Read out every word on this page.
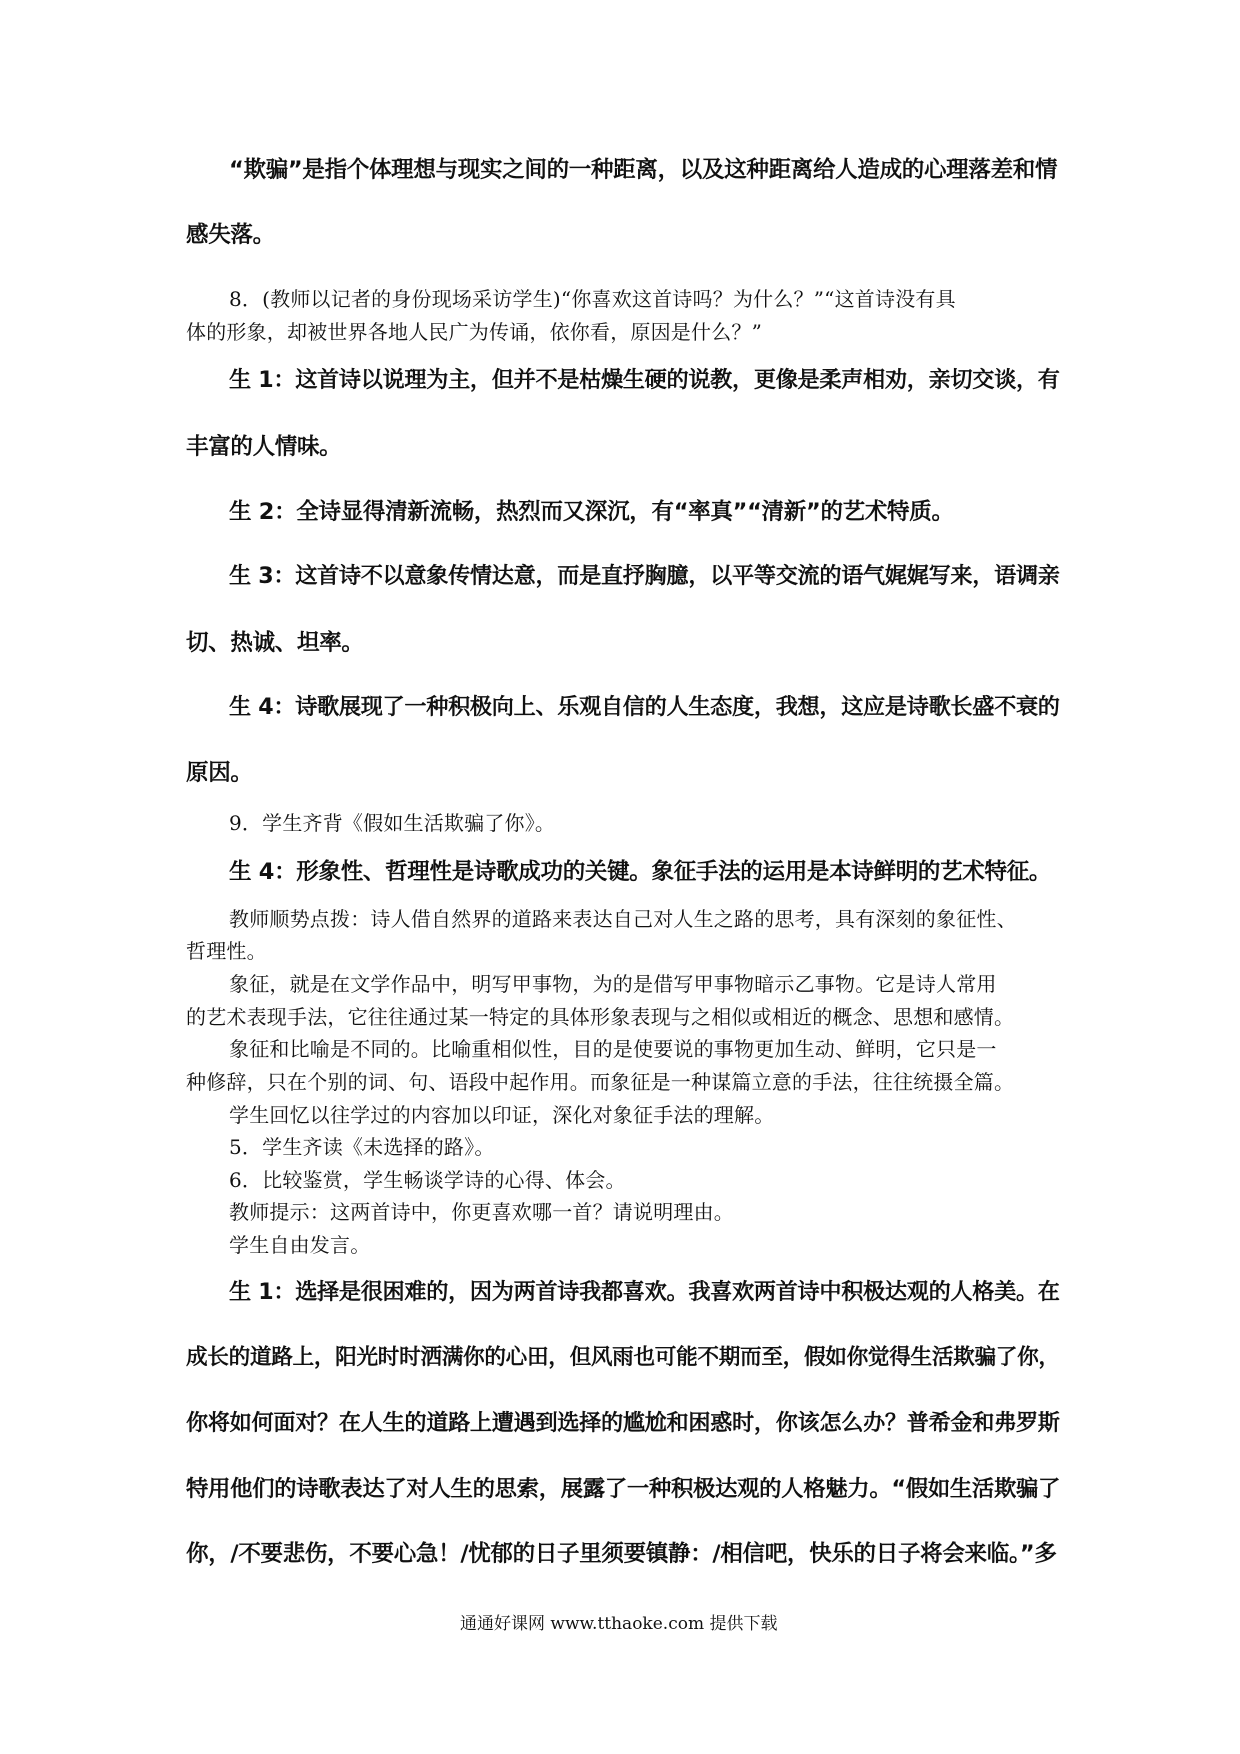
“欺骗”是指个体理想与现实之间的一种距离，以及这种距离给人造成的心理落差和情

感失落。

8．(教师以记者的身份现场采访学生)“你喜欢这首诗吗？为什么？”“这首诗没有具

体的形象，却被世界各地人民广为传诵，依你看，原因是什么？”

生 1：这首诗以说理为主，但并不是枯燥生硬的说教，更像是柔声相劝，亲切交谈，有

丰富的人情味。

生 2：全诗显得清新流畅，热烈而又深沉，有“率真”“清新”的艺术特质。

生 3：这首诗不以意象传情达意，而是直抒胸臆，以平等交流的语气娓娓写来，语调亲

切、热诚、坦率。

生 4：诗歌展现了一种积极向上、乐观自信的人生态度，我想，这应是诗歌长盛不衰的

原因。

9．学生齐背《假如生活欺骗了你》。

生 4：形象性、哲理性是诗歌成功的关键。象征手法的运用是本诗鲜明的艺术特征。

教师顺势点拨：诗人借自然界的道路来表达自己对人生之路的思考，具有深刻的象征性、

哲理性。

象征，就是在文学作品中，明写甲事物，为的是借写甲事物暗示乙事物。它是诗人常用

的艺术表现手法，它往往通过某一特定的具体形象表现与之相似或相近的概念、思想和感情。

象征和比喻是不同的。比喻重相似性，目的是使要说的事物更加生动、鲜明，它只是一

种修辞，只在个别的词、句、语段中起作用。而象征是一种谋篇立意的手法，往往统摄全篇。

学生回忆以往学过的内容加以印证，深化对象征手法的理解。

5．学生齐读《未选择的路》。

6．比较鉴赏，学生畅谈学诗的心得、体会。

教师提示：这两首诗中，你更喜欢哪一首？请说明理由。

学生自由发言。

生 1：选择是很困难的，因为两首诗我都喜欢。我喜欢两首诗中积极达观的人格美。在

成长的道路上，阳光时时洒满你的心田，但风雨也可能不期而至，假如你觉得生活欺骗了你，

你将如何面对？在人生的道路上遭遇到选择的尴尬和困惑时，你该怎么办？普希金和弗罗斯

特用他们的诗歌表达了对人生的思索，展露了一种积极达观的人格魅力。“假如生活欺骗了

你，/不要悲伤，不要心急！/忧郁的日子里须要镇静：/相信吧，快乐的日子将会来临。”多

通通好课网 www.tthaoke.com 提供下载
